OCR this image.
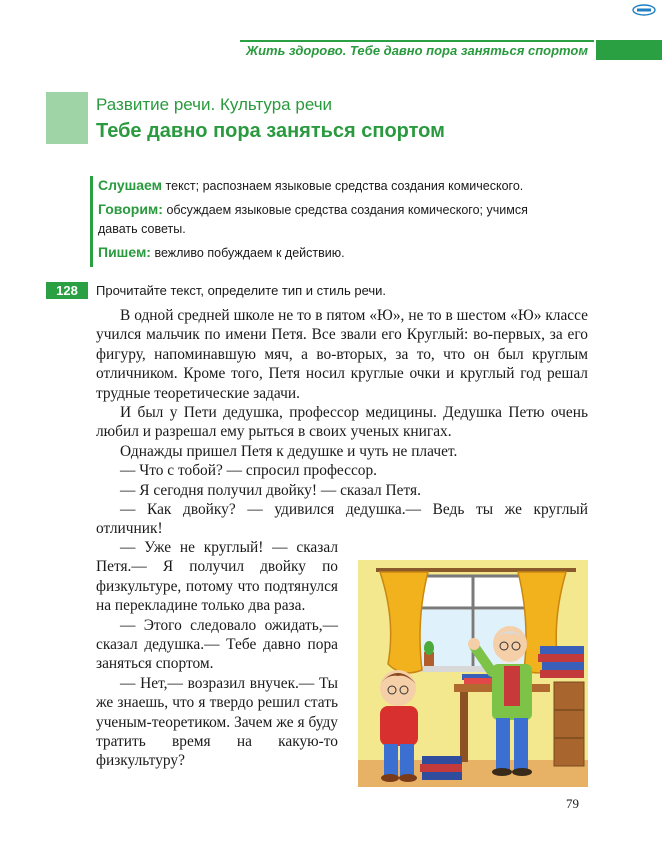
Жить здорово. Тебе давно пора заняться спортом
Развитие речи. Культура речи
Тебе давно пора заняться спортом
Слушаем текст; распознаем языковые средства создания комического.
Говорим: обсуждаем языковые средства создания комического; учимся давать советы.
Пишем: вежливо побуждаем к действию.
128	Прочитайте текст, определите тип и стиль речи.

В одной средней школе не то в пятом «Ю», не то в шестом «Ю» классе учился мальчик по имени Петя. Все звали его Круглый: во-первых, за его фигуру, напоминавшую мяч, а во-вторых, за то, что он был круглым отличником. Кроме того, Петя носил круглые очки и круглый год решал трудные теоретические задачи.

И был у Пети дедушка, профессор медицины. Дедушка Петю очень любил и разрешал ему рыться в своих ученых книгах.

Однажды пришел Петя к дедушке и чуть не плачет.

— Что с тобой? — спросил профессор.

— Я сегодня получил двойку! — сказал Петя.

— Как двойку? — удивился дедушка.— Ведь ты же круглый отличник!

— Уже не круглый! — сказал Петя.— Я получил двойку по физкультуре, потому что подтянулся на перекладине только два раза.

— Этого следовало ожидать,— сказал дедушка.— Тебе давно пора заняться спортом.

— Нет,— возразил внучек.— Ты же знаешь, что я твердо решил стать ученым-теоретиком. Зачем же я буду тратить время на какую-то физкультуру?

79
